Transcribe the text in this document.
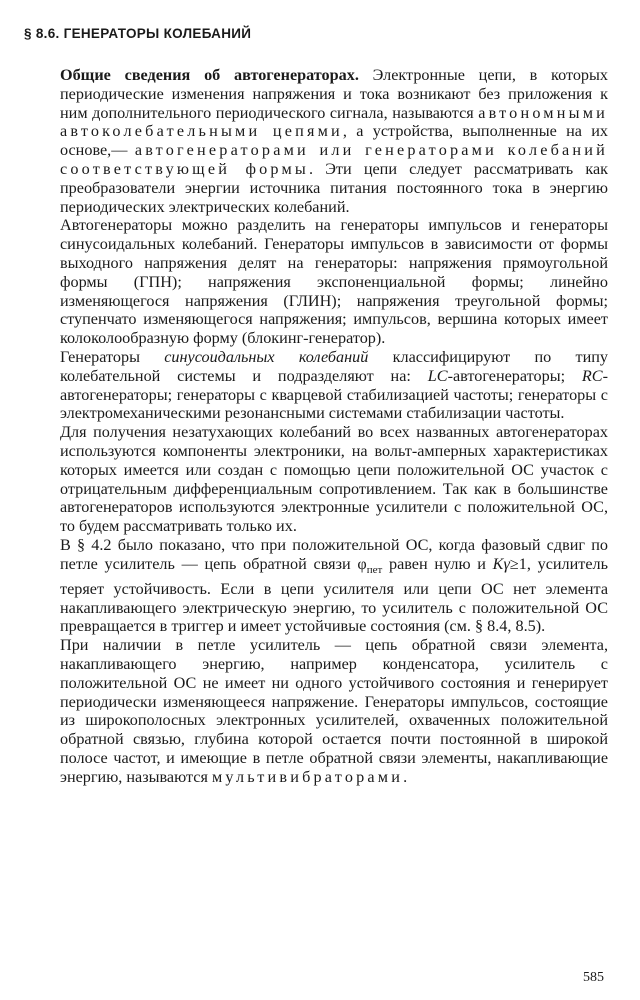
§ 8.6. ГЕНЕРАТОРЫ КОЛЕБАНИЙ

Общие сведения об автогенераторах. Электронные цепи, в которых периодические изменения напряжения и тока возникают без приложения к ним дополнительного периодического сигнала, называются автономными автоколебательными цепями, а устройства, выполненные на их основе,— автогенераторами или генераторами колебаний соответствующей формы. Эти цепи следует рассматривать как преобразователи энергии источника питания постоянного тока в энергию периодических электрических колебаний.

Автогенераторы можно разделить на генераторы импульсов и генераторы синусоидальных колебаний. Генераторы импульсов в зависимости от формы выходного напряжения делят на генераторы: напряжения прямоугольной формы (ГПН); напряжения экспоненциальной формы; линейно изменяющегося напряжения (ГЛИН); напряжения треугольной формы; ступенчато изменяющегося напряжения; импульсов, вершина которых имеет колоколообразную форму (блокинг-генератор).

Генераторы синусоидальных колебаний классифицируют по типу колебательной системы и подразделяют на: LC-автогенераторы; RC-автогенераторы; генераторы с кварцевой стабилизацией частоты; генераторы с электромеханическими резонансными системами стабилизации частоты.

Для получения незатухающих колебаний во всех названных автогенераторах используются компоненты электроники, на вольт-амперных характеристиках которых имеется или создан с помощью цепи положительной ОС участок с отрицательным дифференциальным сопротивлением. Так как в большинстве автогенераторов используются электронные усилители с положительной ОС, то будем рассматривать только их.

В § 4.2 было показано, что при положительной ОС, когда фазовый сдвиг по петле усилитель — цепь обратной связи $\varphi_{пет}$ равен нулю и Kγ≥1, усилитель теряет устойчивость. Если в цепи усилителя или цепи ОС нет элемента накапливающего электрическую энергию, то усилитель с положительной ОС превращается в триггер и имеет устойчивые состояния (см. § 8.4, 8.5).

При наличии в петле усилитель — цепь обратной связи элемента, накапливающего энергию, например конденсатора, усилитель с положительной ОС не имеет ни одного устойчивого состояния и генерирует периодически изменяющееся напряжение. Генераторы импульсов, состоящие из широкополосных электронных усилителей, охваченных положительной обратной связью, глубина которой остается почти постоянной в широкой полосе частот, и имеющие в петле обратной связи элементы, накапливающие энергию, называются мультивибраторами.

585
